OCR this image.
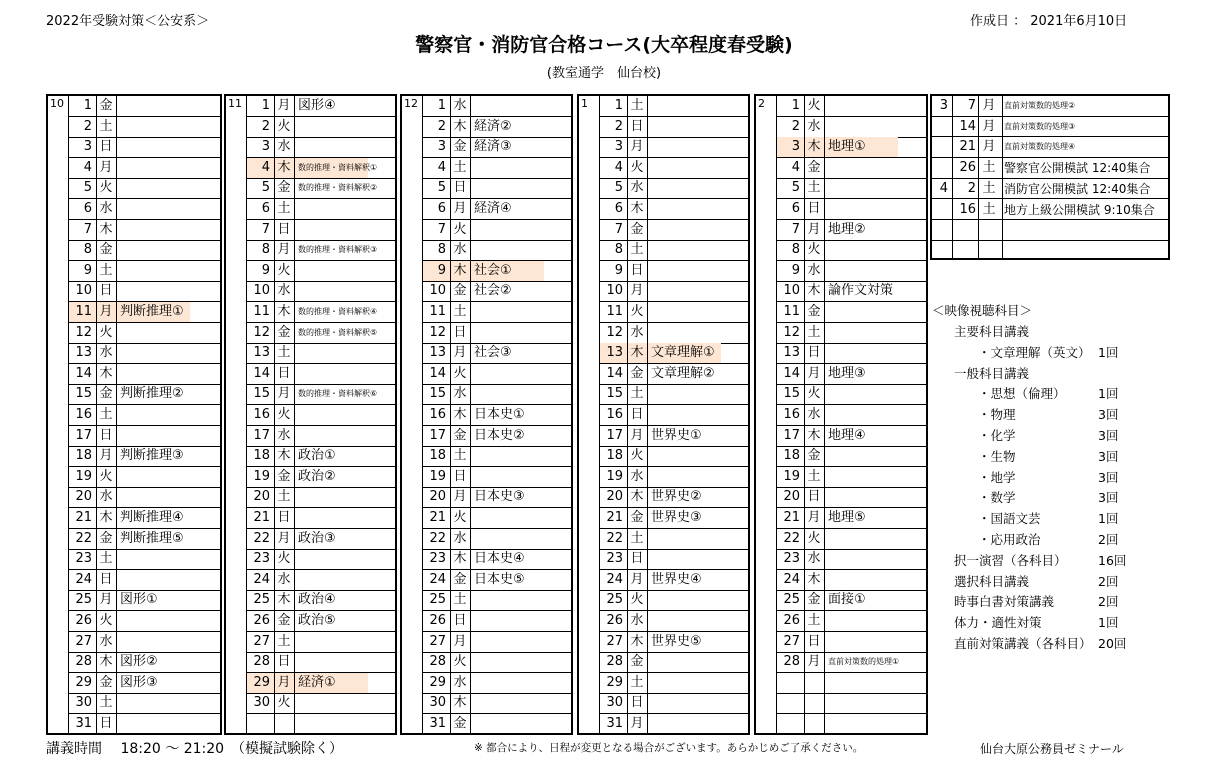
2022年受験対策＜公安系＞	作成日 ： 2021年6月10日
警察官・消防官合格コース(大卒程度春受験)
(教室通学　仙台校)
10	1 金
2 土
3 日
4 月
5 火
6 水
7 木
8 金
9 土
10 日
11 月 判断推理①
12 火
13 水
14 木
15 金 判断推理②
16 土
17 日
18 月 判断推理③
19 火
20 水
21 木 判断推理④
22 金 判断推理⑤
23 土
24 日
25 月 図形①
26 火
27 水
28 木 図形②
29 金 図形③
30 土
31 日
11	1 月 図形④
2 火
3 水
4 木 数的推理・資料解釈①
5 金 数的推理・資料解釈②
6 土
7 日
8 月 数的推理・資料解釈③
9 火
10 水
11 木 数的推理・資料解釈④
12 金 数的推理・資料解釈⑤
13 土
14 日
15 月 数的推理・資料解釈⑥
16 火
17 水
18 木 政治①
19 金 政治②
20 土
21 日
22 月 政治③
23 火
24 水
25 木 政治④
26 金 政治⑤
27 土
28 日
29 月 経済①
30 火
12	1 水
2 木 経済②
3 金 経済③
4 土
5 日
6 月 経済④
7 火
8 水
9 木 社会①
10 金 社会②
11 土
12 日
13 月 社会③
14 火
15 水
16 木 日本史①
17 金 日本史②
18 土
19 日
20 月 日本史③
21 火
22 水
23 木 日本史④
24 金 日本史⑤
25 土
26 日
27 月
28 火
29 水
30 木
31 金
1	1 土
2 日
3 月
4 火
5 水
6 木
7 金
8 土
9 日
10 月
11 火
12 水
13 木 文章理解①
14 金 文章理解②
15 土
16 日
17 月 世界史①
18 火
19 水
20 木 世界史②
21 金 世界史③
22 土
23 日
24 月 世界史④
25 火
26 水
27 木 世界史⑤
28 金
29 土
30 日
31 月
2	1 火
2 水
3 木 地理①
4 金
5 土
6 日
7 月 地理②
8 火
9 水
10 木 論作文対策
11 金
12 土
13 日
14 月 地理③
15 火
16 水
17 木 地理④
18 金
19 土
20 日
21 月 地理⑤
22 火
23 水
24 木
25 金 面接①
26 土
27 日
28 月 直前対策数的処理①
3	7 月	直前対策数的処理②
14 月	直前対策数的処理③
21 月	直前対策数的処理④
26 土 警察官公開模試 12:40集合
4	2 土 消防官公開模試 12:40集合
16 土 地方上級公開模試 9:10集合
＜映像視聴科目＞
主要科目講義
・文章理解（英文） 1回
一般科目講義
・思想（倫理）	1回
・物理	3回
・化学	3回
・生物	3回
・地学	3回
・数学	3回
・国語文芸	1回
・応用政治	2回
択一演習（各科目）	16回
選択科目講義	2回
時事白書対策講義	2回
体力・適性対策	1回
直前対策講義（各科目） 20回
講義時間　 18:20 ～ 21:20　（模擬試験除く）	※ 都合により、日程が変更となる場合がございます。あらかじめご了承ください。	仙台大原公務員ゼミナール
